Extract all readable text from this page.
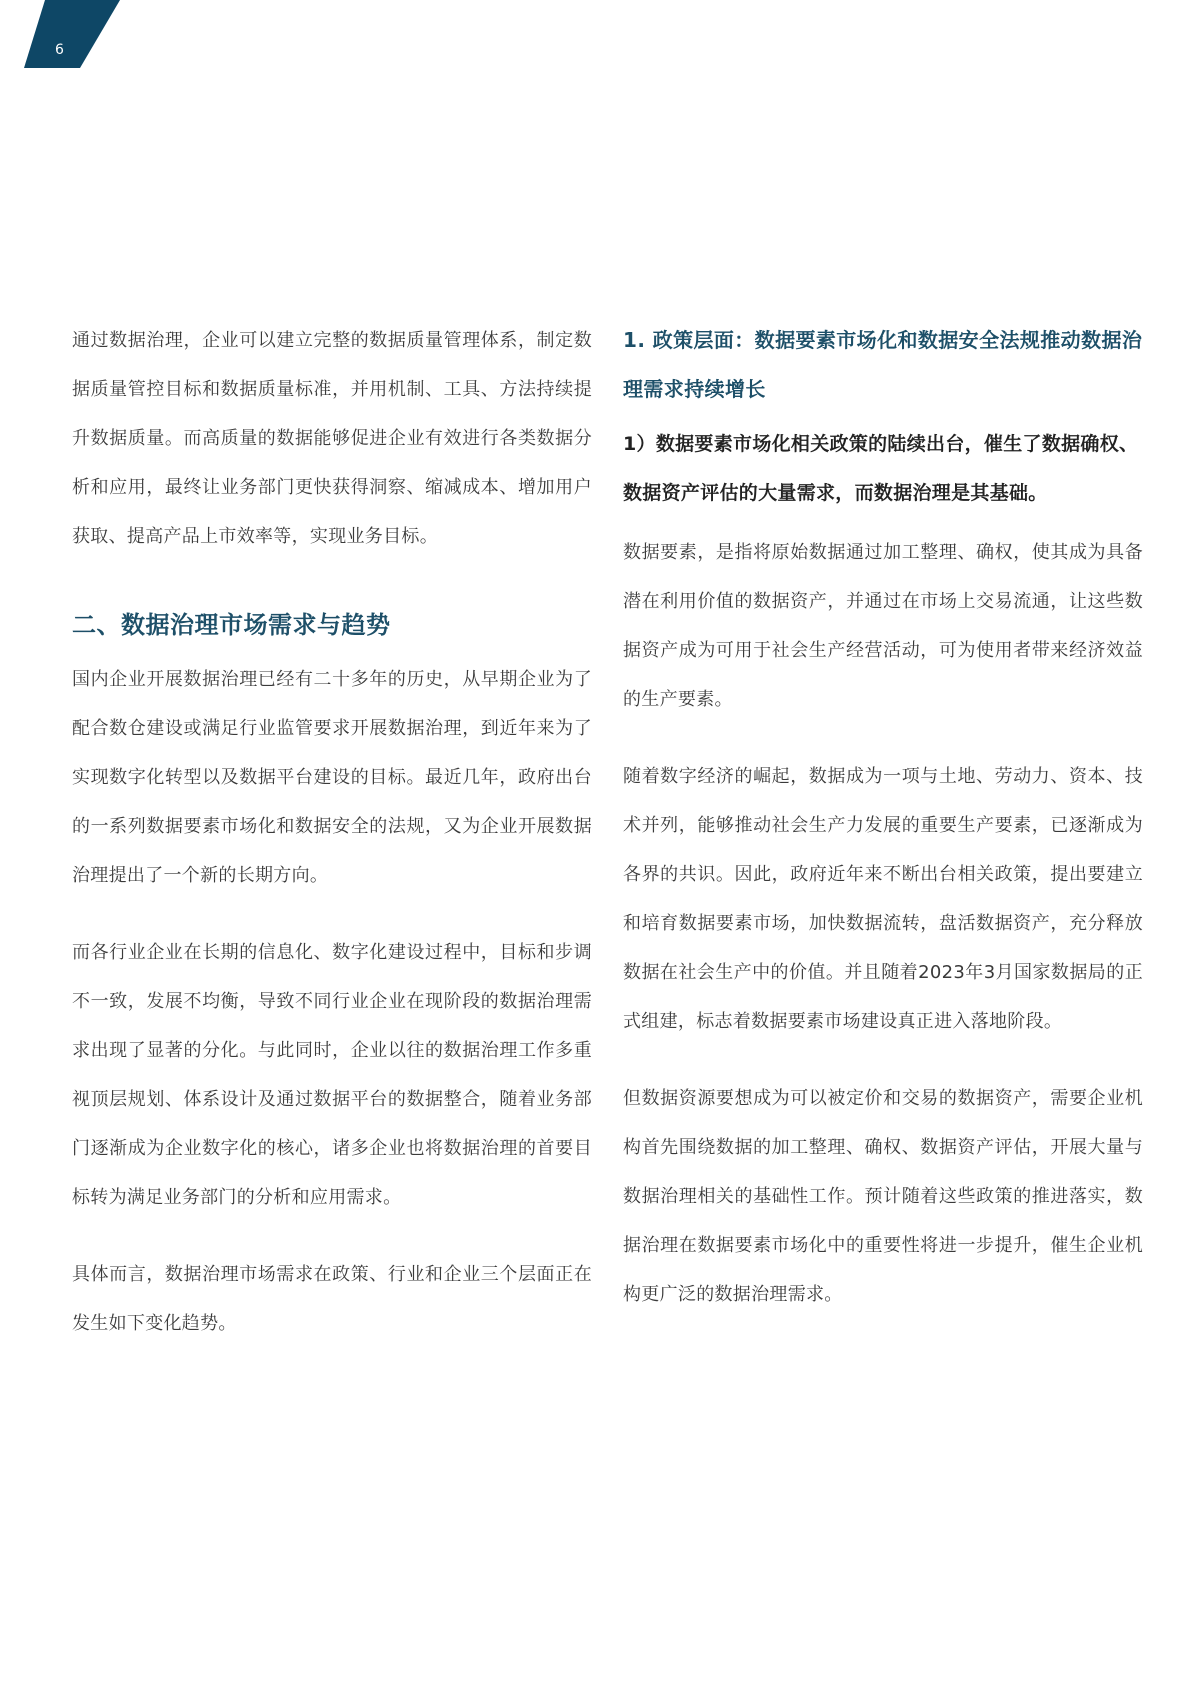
6

通过数据治理，企业可以建立完整的数据质量管理体系，制定数据质量管控目标和数据质量标准，并用机制、工具、方法持续提升数据质量。而高质量的数据能够促进企业有效进行各类数据分析和应用，最终让业务部门更快获得洞察、缩减成本、增加用户获取、提高产品上市效率等，实现业务目标。

二、数据治理市场需求与趋势

国内企业开展数据治理已经有二十多年的历史，从早期企业为了配合数仓建设或满足行业监管要求开展数据治理，到近年来为了实现数字化转型以及数据平台建设的目标。最近几年，政府出台的一系列数据要素市场化和数据安全的法规，又为企业开展数据治理提出了一个新的长期方向。

而各行业企业在长期的信息化、数字化建设过程中，目标和步调不一致，发展不均衡，导致不同行业企业在现阶段的数据治理需求出现了显著的分化。与此同时，企业以往的数据治理工作多重视顶层规划、体系设计及通过数据平台的数据整合，随着业务部门逐渐成为企业数字化的核心，诸多企业也将数据治理的首要目标转为满足业务部门的分析和应用需求。

具体而言，数据治理市场需求在政策、行业和企业三个层面正在发生如下变化趋势。

1. 政策层面：数据要素市场化和数据安全法规推动数据治理需求持续增长
1）数据要素市场化相关政策的陆续出台，催生了数据确权、数据资产评估的大量需求，而数据治理是其基础。

数据要素，是指将原始数据通过加工整理、确权，使其成为具备潜在利用价值的数据资产，并通过在市场上交易流通，让这些数据资产成为可用于社会生产经营活动，可为使用者带来经济效益的生产要素。

随着数字经济的崛起，数据成为一项与土地、劳动力、资本、技术并列，能够推动社会生产力发展的重要生产要素，已逐渐成为各界的共识。因此，政府近年来不断出台相关政策，提出要建立和培育数据要素市场，加快数据流转，盘活数据资产，充分释放数据在社会生产中的价值。并且随着2023年3月国家数据局的正式组建，标志着数据要素市场建设真正进入落地阶段。

但数据资源要想成为可以被定价和交易的数据资产，需要企业机构首先围绕数据的加工整理、确权、数据资产评估，开展大量与数据治理相关的基础性工作。预计随着这些政策的推进落实，数据治理在数据要素市场化中的重要性将进一步提升，催生企业机构更广泛的数据治理需求。
